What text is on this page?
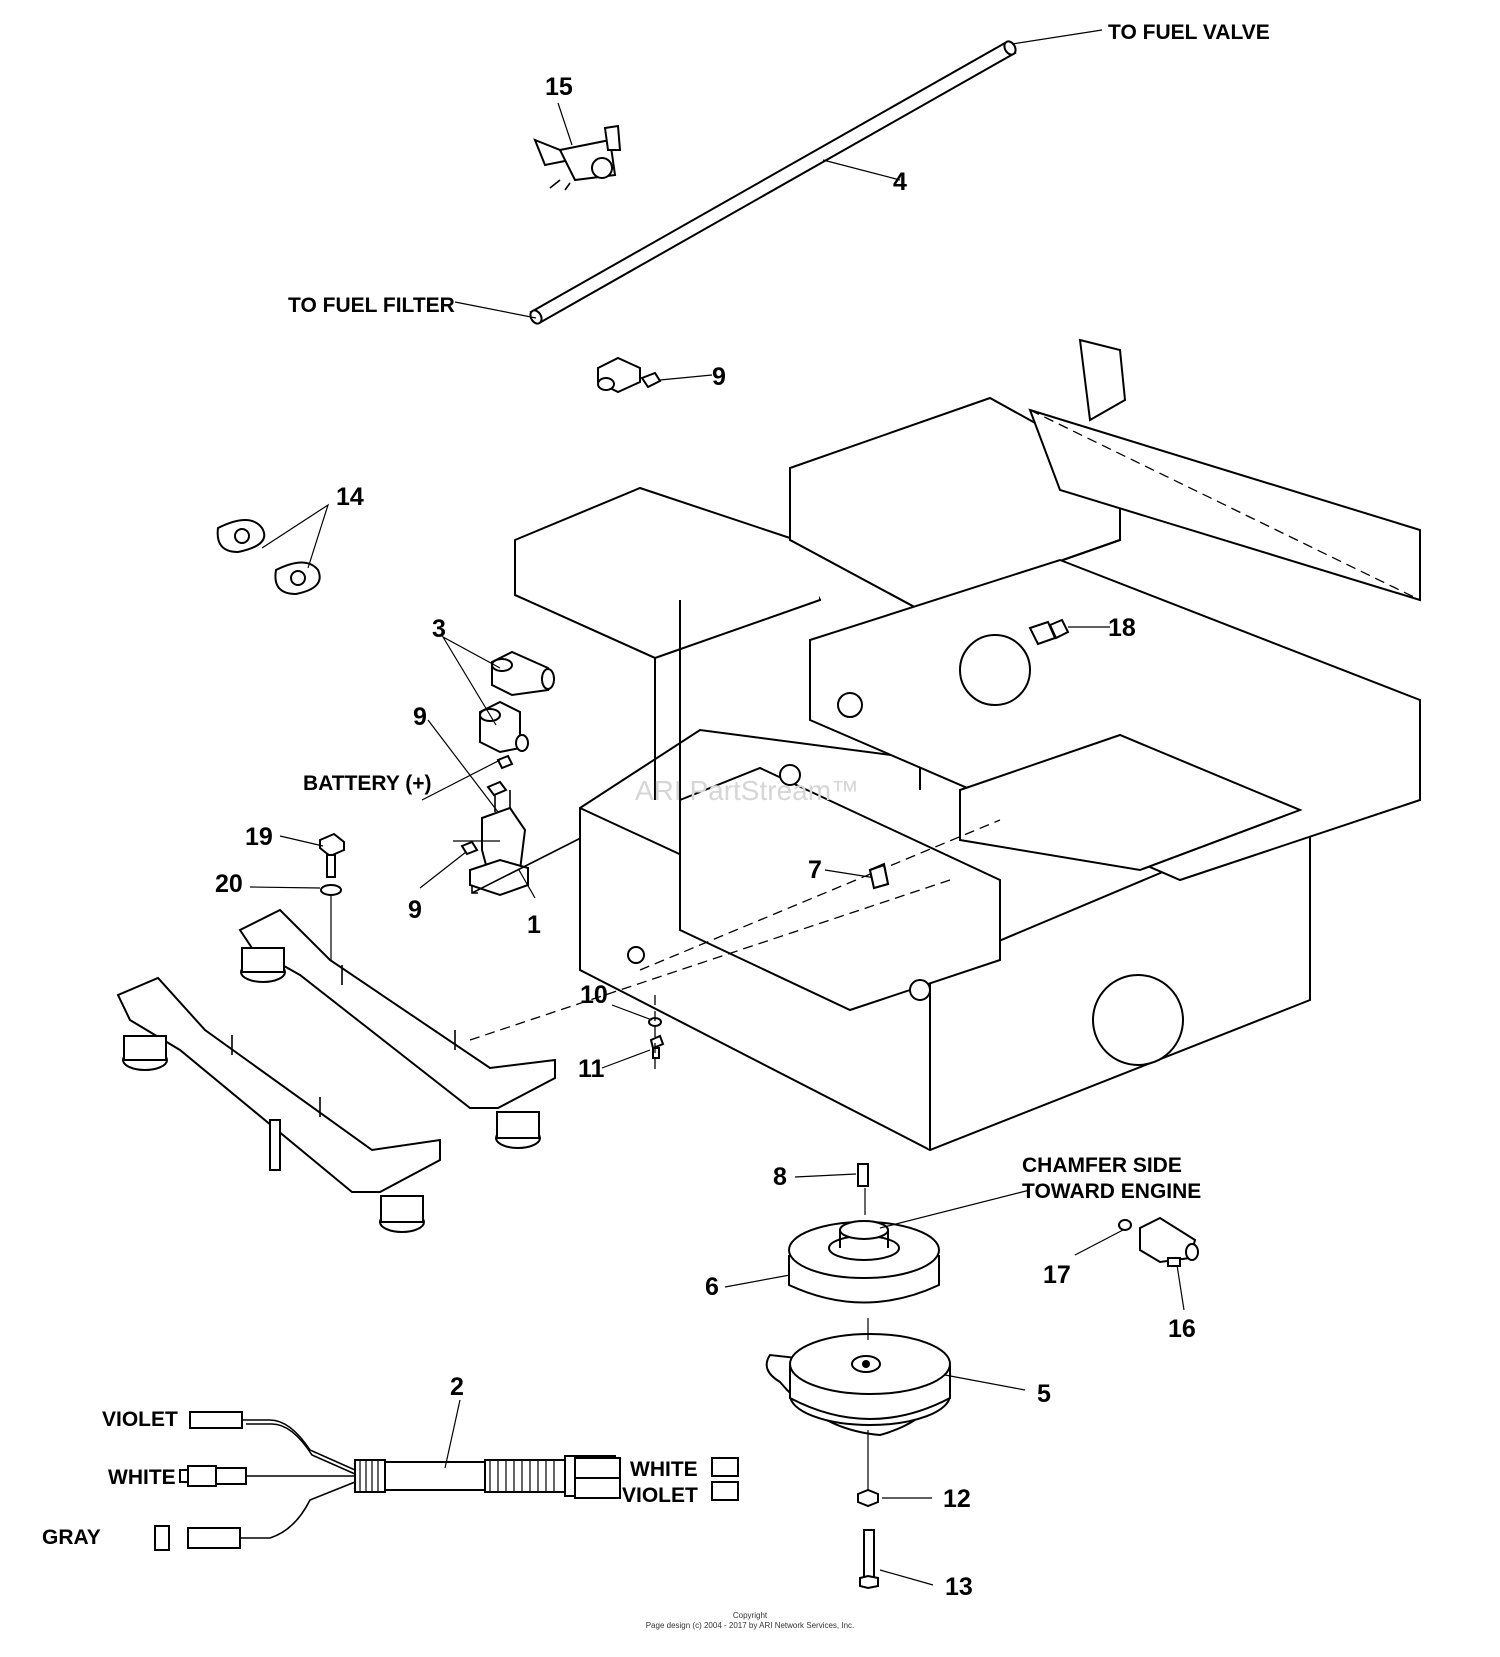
ARI PartStream™
15
4
9
14
3
9
18
19
20
9
1
7
10
11
8
6
5
17
16
12
13
2
TO FUEL VALVE
TO FUEL FILTER
BATTERY (+)
CHAMFER SIDE
TOWARD ENGINE
VIOLET
WHITE
GRAY
WHITE
VIOLET
Copyright
Page design (c) 2004 - 2017 by ARI Network Services, Inc.
